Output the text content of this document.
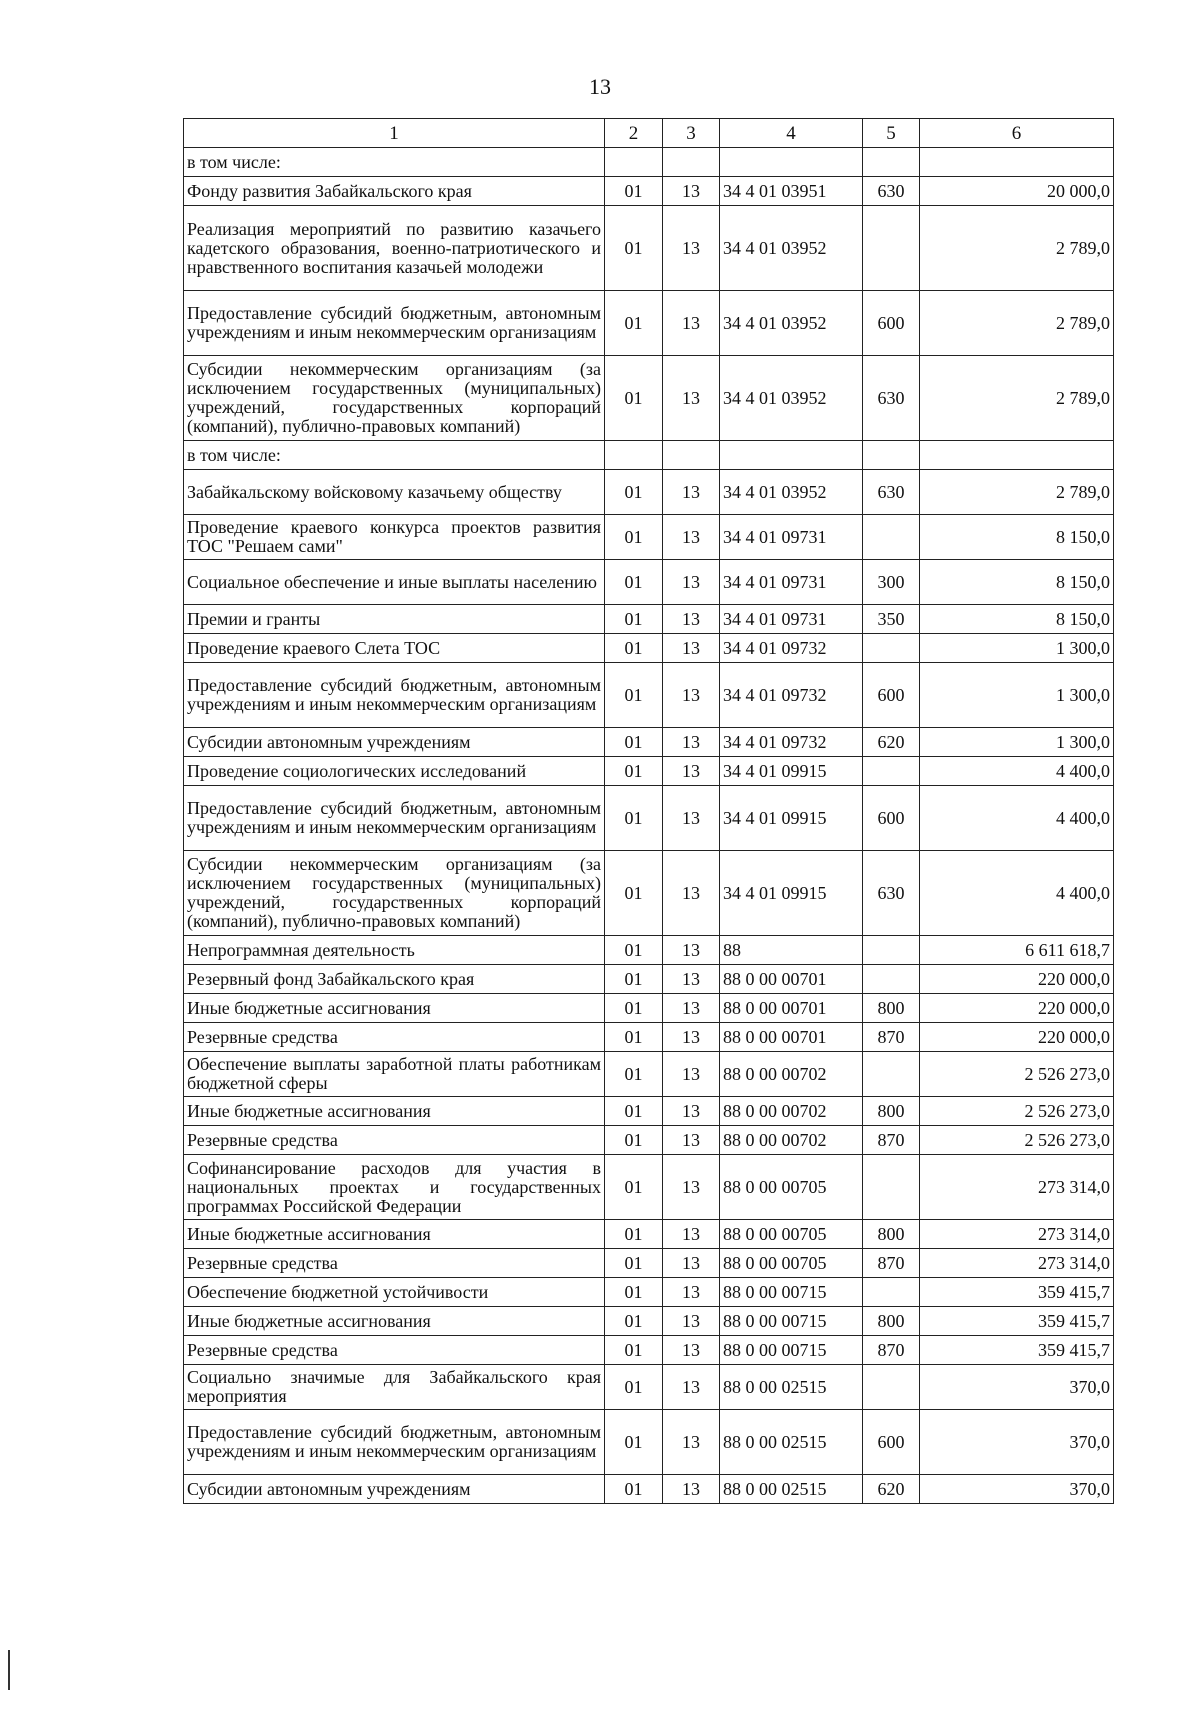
13
1	2	3	4	5	6
в том числе:					
Фонду развития Забайкальского края	01	13	34 4 01 03951	630	20 000,0
Реализация мероприятий по развитию казачьего кадетского образования, военно-патриотического и нравственного воспитания казачьей молодежи	01	13	34 4 01 03952		2 789,0
Предоставление субсидий бюджетным, автономным учреждениям и иным некоммерческим организациям	01	13	34 4 01 03952	600	2 789,0
Субсидии некоммерческим организациям (за исключением государственных (муниципальных) учреждений, государственных корпораций (компаний), публично-правовых компаний)	01	13	34 4 01 03952	630	2 789,0
в том числе:					
Забайкальскому войсковому казачьему обществу	01	13	34 4 01 03952	630	2 789,0
Проведение краевого конкурса проектов развития ТОС "Решаем сами"	01	13	34 4 01 09731		8 150,0
Социальное обеспечение и иные выплаты населению	01	13	34 4 01 09731	300	8 150,0
Премии и гранты	01	13	34 4 01 09731	350	8 150,0
Проведение краевого Слета ТОС	01	13	34 4 01 09732		1 300,0
Предоставление субсидий бюджетным, автономным учреждениям и иным некоммерческим организациям	01	13	34 4 01 09732	600	1 300,0
Субсидии автономным учреждениям	01	13	34 4 01 09732	620	1 300,0
Проведение социологических исследований	01	13	34 4 01 09915		4 400,0
Предоставление субсидий бюджетным, автономным учреждениям и иным некоммерческим организациям	01	13	34 4 01 09915	600	4 400,0
Субсидии некоммерческим организациям (за исключением государственных (муниципальных) учреждений, государственных корпораций (компаний), публично-правовых компаний)	01	13	34 4 01 09915	630	4 400,0
Непрограммная деятельность	01	13	88		6 611 618,7
Резервный фонд Забайкальского края	01	13	88 0 00 00701		220 000,0
Иные бюджетные ассигнования	01	13	88 0 00 00701	800	220 000,0
Резервные средства	01	13	88 0 00 00701	870	220 000,0
Обеспечение выплаты заработной платы работникам бюджетной сферы	01	13	88 0 00 00702		2 526 273,0
Иные бюджетные ассигнования	01	13	88 0 00 00702	800	2 526 273,0
Резервные средства	01	13	88 0 00 00702	870	2 526 273,0
Софинансирование расходов для участия в национальных проектах и государственных программах Российской Федерации	01	13	88 0 00 00705		273 314,0
Иные бюджетные ассигнования	01	13	88 0 00 00705	800	273 314,0
Резервные средства	01	13	88 0 00 00705	870	273 314,0
Обеспечение бюджетной устойчивости	01	13	88 0 00 00715		359 415,7
Иные бюджетные ассигнования	01	13	88 0 00 00715	800	359 415,7
Резервные средства	01	13	88 0 00 00715	870	359 415,7
Социально значимые для Забайкальского края мероприятия	01	13	88 0 00 02515		370,0
Предоставление субсидий бюджетным, автономным учреждениям и иным некоммерческим организациям	01	13	88 0 00 02515	600	370,0
Субсидии автономным учреждениям	01	13	88 0 00 02515	620	370,0
